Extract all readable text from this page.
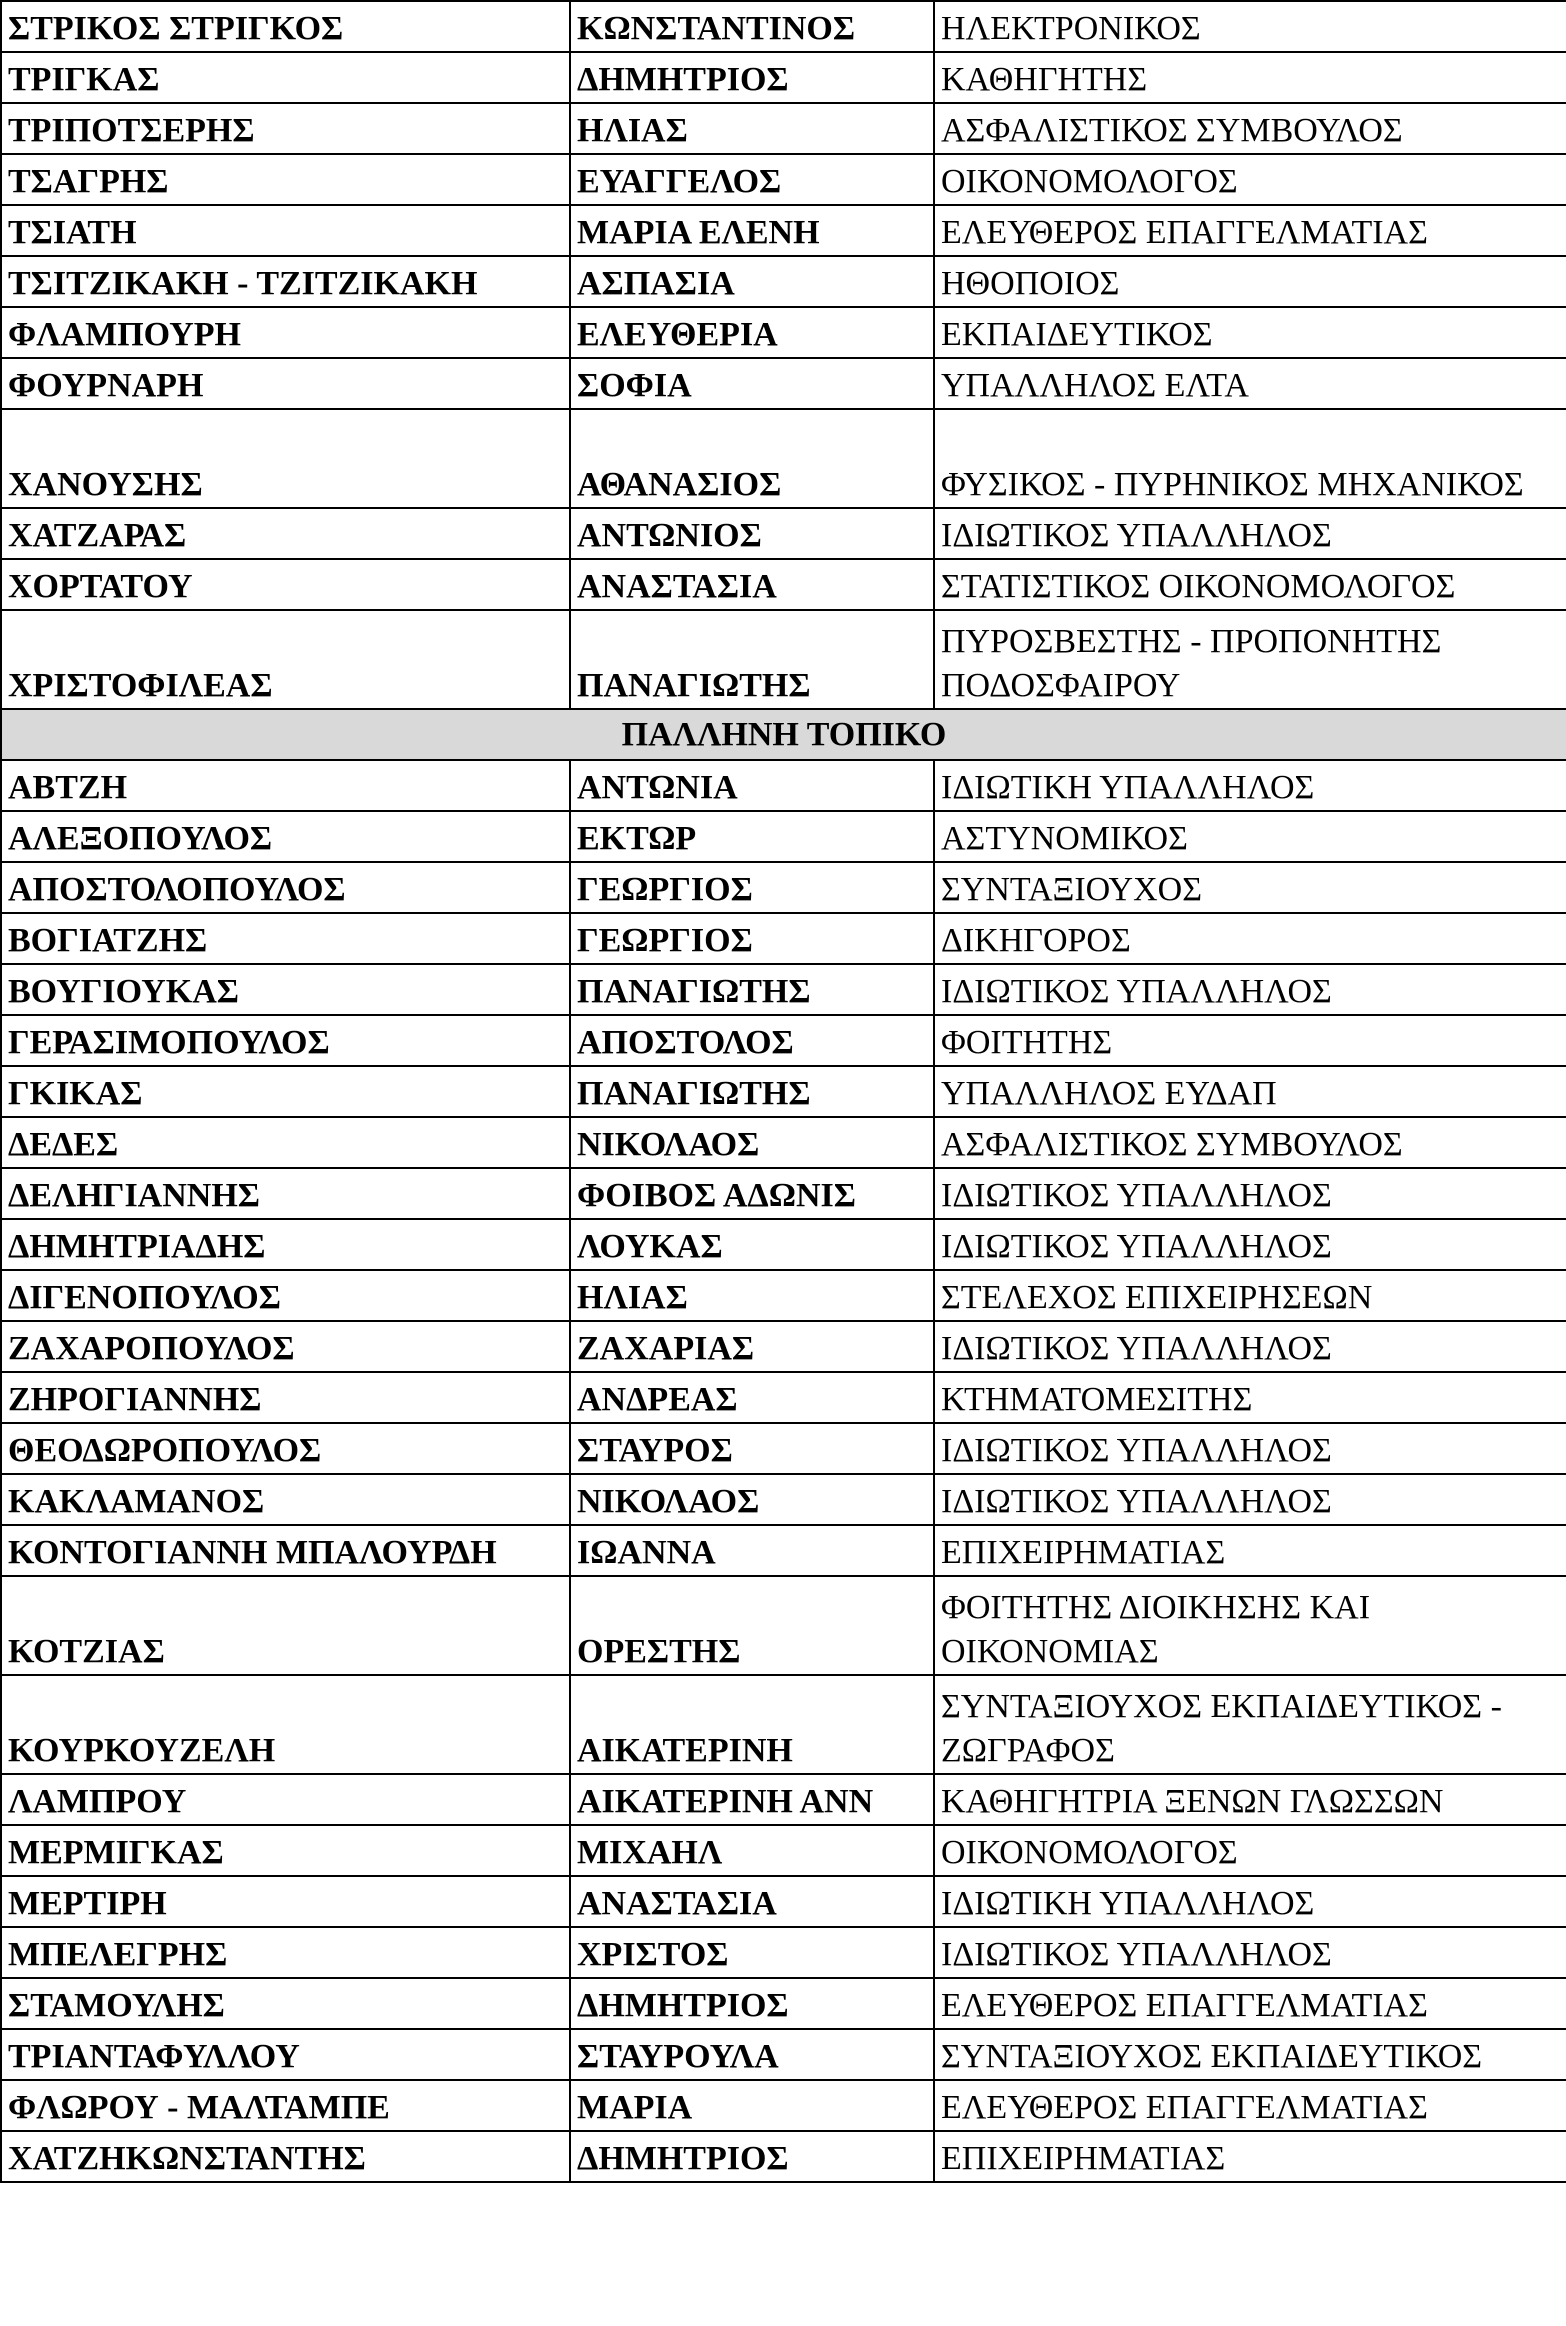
ΣΤΡΙΚΟΣ ΣΤΡΙΓΚΟΣ	ΚΩΝΣΤΑΝΤΙΝΟΣ	ΗΛΕΚΤΡΟΝΙΚΟΣ
ΤΡΙΓΚΑΣ	ΔΗΜΗΤΡΙΟΣ	ΚΑΘΗΓΗΤΗΣ
ΤΡΙΠΟΤΣΕΡΗΣ	ΗΛΙΑΣ	ΑΣΦΑΛΙΣΤΙΚΟΣ ΣΥΜΒΟΥΛΟΣ
ΤΣΑΓΡΗΣ	ΕΥΑΓΓΕΛΟΣ	ΟΙΚΟΝΟΜΟΛΟΓΟΣ
ΤΣΙΑΤΗ	ΜΑΡΙΑ ΕΛΕΝΗ	ΕΛΕΥΘΕΡΟΣ ΕΠΑΓΓΕΛΜΑΤΙΑΣ
ΤΣΙΤΖΙΚΑΚΗ - ΤΖΙΤΖΙΚΑΚΗ	ΑΣΠΑΣΙΑ	ΗΘΟΠΟΙΟΣ
ΦΛΑΜΠΟΥΡΗ	ΕΛΕΥΘΕΡΙΑ	ΕΚΠΑΙΔΕΥΤΙΚΟΣ
ΦΟΥΡΝΑΡΗ	ΣΟΦΙΑ	ΥΠΑΛΛΗΛΟΣ ΕΛΤΑ
ΧΑΝΟΥΣΗΣ	ΑΘΑΝΑΣΙΟΣ	ΦΥΣΙΚΟΣ - ΠΥΡΗΝΙΚΟΣ ΜΗΧΑΝΙΚΟΣ
ΧΑΤΖΑΡΑΣ	ΑΝΤΩΝΙΟΣ	ΙΔΙΩΤΙΚΟΣ ΥΠΑΛΛΗΛΟΣ
ΧΟΡΤΑΤΟΥ	ΑΝΑΣΤΑΣΙΑ	ΣΤΑΤΙΣΤΙΚΟΣ ΟΙΚΟΝΟΜΟΛΟΓΟΣ
ΧΡΙΣΤΟΦΙΛΕΑΣ	ΠΑΝΑΓΙΩΤΗΣ	ΠΥΡΟΣΒΕΣΤΗΣ - ΠΡΟΠΟΝΗΤΗΣ ΠΟΔΟΣΦΑΙΡΟΥ
ΠΑΛΛΗΝΗ ΤΟΠΙΚΟ		
ΑΒΤΖΗ	ΑΝΤΩΝΙΑ	ΙΔΙΩΤΙΚΗ ΥΠΑΛΛΗΛΟΣ
ΑΛΕΞΟΠΟΥΛΟΣ	ΕΚΤΩΡ	ΑΣΤΥΝΟΜΙΚΟΣ
ΑΠΟΣΤΟΛΟΠΟΥΛΟΣ	ΓΕΩΡΓΙΟΣ	ΣΥΝΤΑΞΙΟΥΧΟΣ
ΒΟΓΙΑΤΖΗΣ	ΓΕΩΡΓΙΟΣ	ΔΙΚΗΓΟΡΟΣ
ΒΟΥΓΙΟΥΚΑΣ	ΠΑΝΑΓΙΩΤΗΣ	ΙΔΙΩΤΙΚΟΣ ΥΠΑΛΛΗΛΟΣ
ΓΕΡΑΣΙΜΟΠΟΥΛΟΣ	ΑΠΟΣΤΟΛΟΣ	ΦΟΙΤΗΤΗΣ
ΓΚΙΚΑΣ	ΠΑΝΑΓΙΩΤΗΣ	ΥΠΑΛΛΗΛΟΣ ΕΥΔΑΠ
ΔΕΔΕΣ	ΝΙΚΟΛΑΟΣ	ΑΣΦΑΛΙΣΤΙΚΟΣ ΣΥΜΒΟΥΛΟΣ
ΔΕΛΗΓΙΑΝΝΗΣ	ΦΟΙΒΟΣ ΑΔΩΝΙΣ	ΙΔΙΩΤΙΚΟΣ ΥΠΑΛΛΗΛΟΣ
ΔΗΜΗΤΡΙΑΔΗΣ	ΛΟΥΚΑΣ	ΙΔΙΩΤΙΚΟΣ ΥΠΑΛΛΗΛΟΣ
ΔΙΓΕΝΟΠΟΥΛΟΣ	ΗΛΙΑΣ	ΣΤΕΛΕΧΟΣ ΕΠΙΧΕΙΡΗΣΕΩΝ
ΖΑΧΑΡΟΠΟΥΛΟΣ	ΖΑΧΑΡΙΑΣ	ΙΔΙΩΤΙΚΟΣ ΥΠΑΛΛΗΛΟΣ
ΖΗΡΟΓΙΑΝΝΗΣ	ΑΝΔΡΕΑΣ	ΚΤΗΜΑΤΟΜΕΣΙΤΗΣ
ΘΕΟΔΩΡΟΠΟΥΛΟΣ	ΣΤΑΥΡΟΣ	ΙΔΙΩΤΙΚΟΣ ΥΠΑΛΛΗΛΟΣ
ΚΑΚΛΑΜΑΝΟΣ	ΝΙΚΟΛΑΟΣ	ΙΔΙΩΤΙΚΟΣ ΥΠΑΛΛΗΛΟΣ
ΚΟΝΤΟΓΙΑΝΝΗ ΜΠΑΛΟΥΡΔΗ	ΙΩΑΝΝΑ	ΕΠΙΧΕΙΡΗΜΑΤΙΑΣ
ΚΟΤΖΙΑΣ	ΟΡΕΣΤΗΣ	ΦΟΙΤΗΤΗΣ ΔΙΟΙΚΗΣΗΣ ΚΑΙ ΟΙΚΟΝΟΜΙΑΣ
ΚΟΥΡΚΟΥΖΕΛΗ	ΑΙΚΑΤΕΡΙΝΗ	ΣΥΝΤΑΞΙΟΥΧΟΣ ΕΚΠΑΙΔΕΥΤΙΚΟΣ - ΖΩΓΡΑΦΟΣ
ΛΑΜΠΡΟΥ	ΑΙΚΑΤΕΡΙΝΗ ΑΝΝ	ΚΑΘΗΓΗΤΡΙΑ ΞΕΝΩΝ ΓΛΩΣΣΩΝ
ΜΕΡΜΙΓΚΑΣ	ΜΙΧΑΗΛ	ΟΙΚΟΝΟΜΟΛΟΓΟΣ
ΜΕΡΤΙΡΗ	ΑΝΑΣΤΑΣΙΑ	ΙΔΙΩΤΙΚΗ ΥΠΑΛΛΗΛΟΣ
ΜΠΕΛΕΓΡΗΣ	ΧΡΙΣΤΟΣ	ΙΔΙΩΤΙΚΟΣ ΥΠΑΛΛΗΛΟΣ
ΣΤΑΜΟΥΛΗΣ	ΔΗΜΗΤΡΙΟΣ	ΕΛΕΥΘΕΡΟΣ ΕΠΑΓΓΕΛΜΑΤΙΑΣ
ΤΡΙΑΝΤΑΦΥΛΛΟΥ	ΣΤΑΥΡΟΥΛΑ	ΣΥΝΤΑΞΙΟΥΧΟΣ ΕΚΠΑΙΔΕΥΤΙΚΟΣ
ΦΛΩΡΟΥ - ΜΑΛΤΑΜΠΕ	ΜΑΡΙΑ	ΕΛΕΥΘΕΡΟΣ ΕΠΑΓΓΕΛΜΑΤΙΑΣ
ΧΑΤΖΗΚΩΝΣΤΑΝΤΗΣ	ΔΗΜΗΤΡΙΟΣ	ΕΠΙΧΕΙΡΗΜΑΤΙΑΣ
